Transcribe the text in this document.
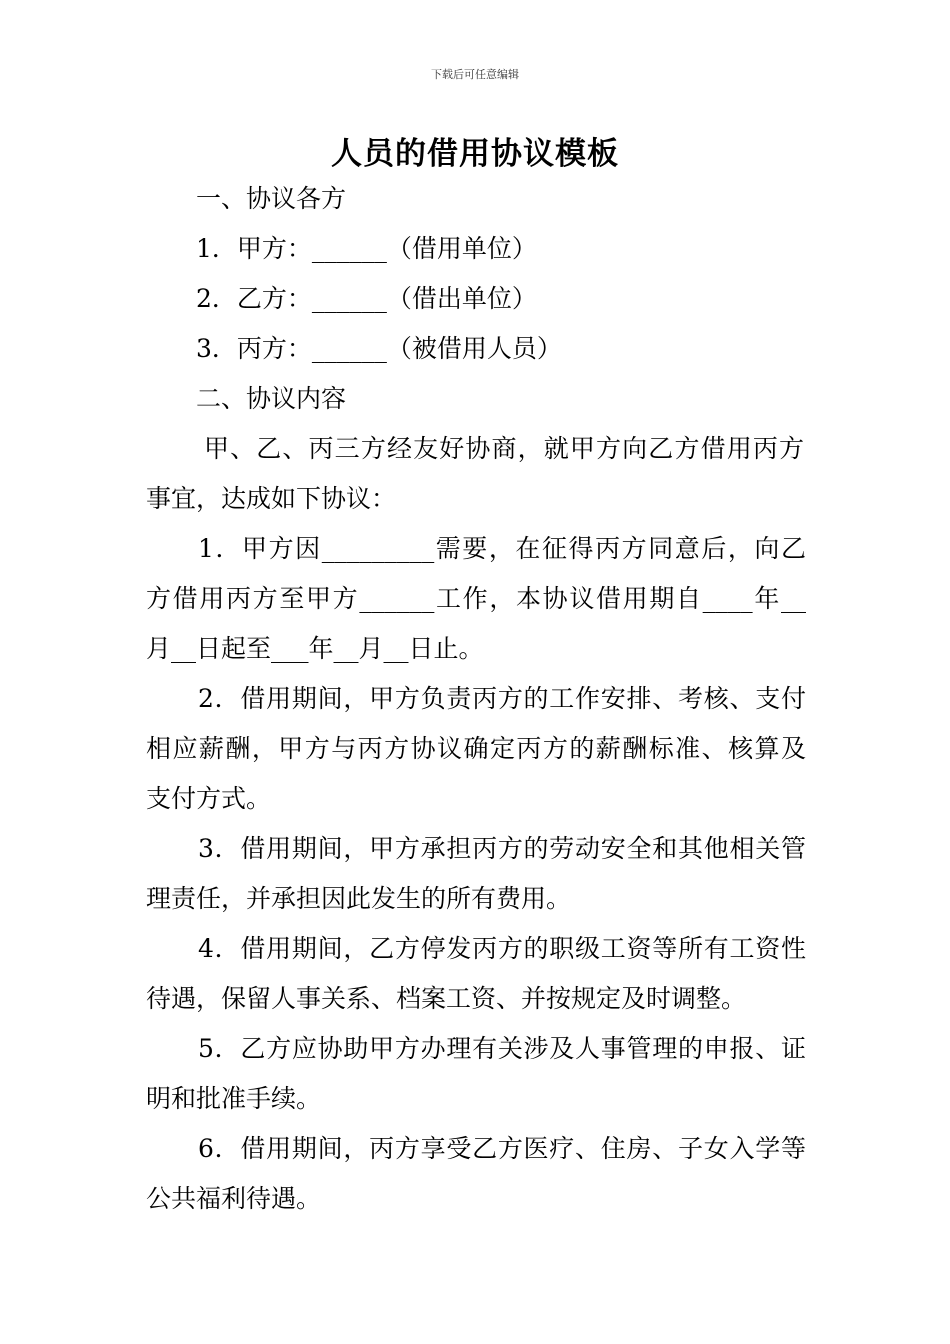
下载后可任意编辑
人员的借用协议模板
一、协议各方
1．甲方：______（借用单位）
2．乙方：______（借出单位）
3．丙方：______（被借用人员）
二、协议内容
甲、乙、丙三方经友好协商，就甲方向乙方借用丙方
事宜，达成如下协议：
1．甲方因_________需要，在征得丙方同意后，向乙
方借用丙方至甲方______工作，本协议借用期自____年__
月__日起至___年__月__日止。
2．借用期间，甲方负责丙方的工作安排、考核、支付
相应薪酬，甲方与丙方协议确定丙方的薪酬标准、核算及
支付方式。
3．借用期间，甲方承担丙方的劳动安全和其他相关管
理责任，并承担因此发生的所有费用。
4．借用期间，乙方停发丙方的职级工资等所有工资性
待遇，保留人事关系、档案工资、并按规定及时调整。
5．乙方应协助甲方办理有关涉及人事管理的申报、证
明和批准手续。
6．借用期间，丙方享受乙方医疗、住房、子女入学等
公共福利待遇。
